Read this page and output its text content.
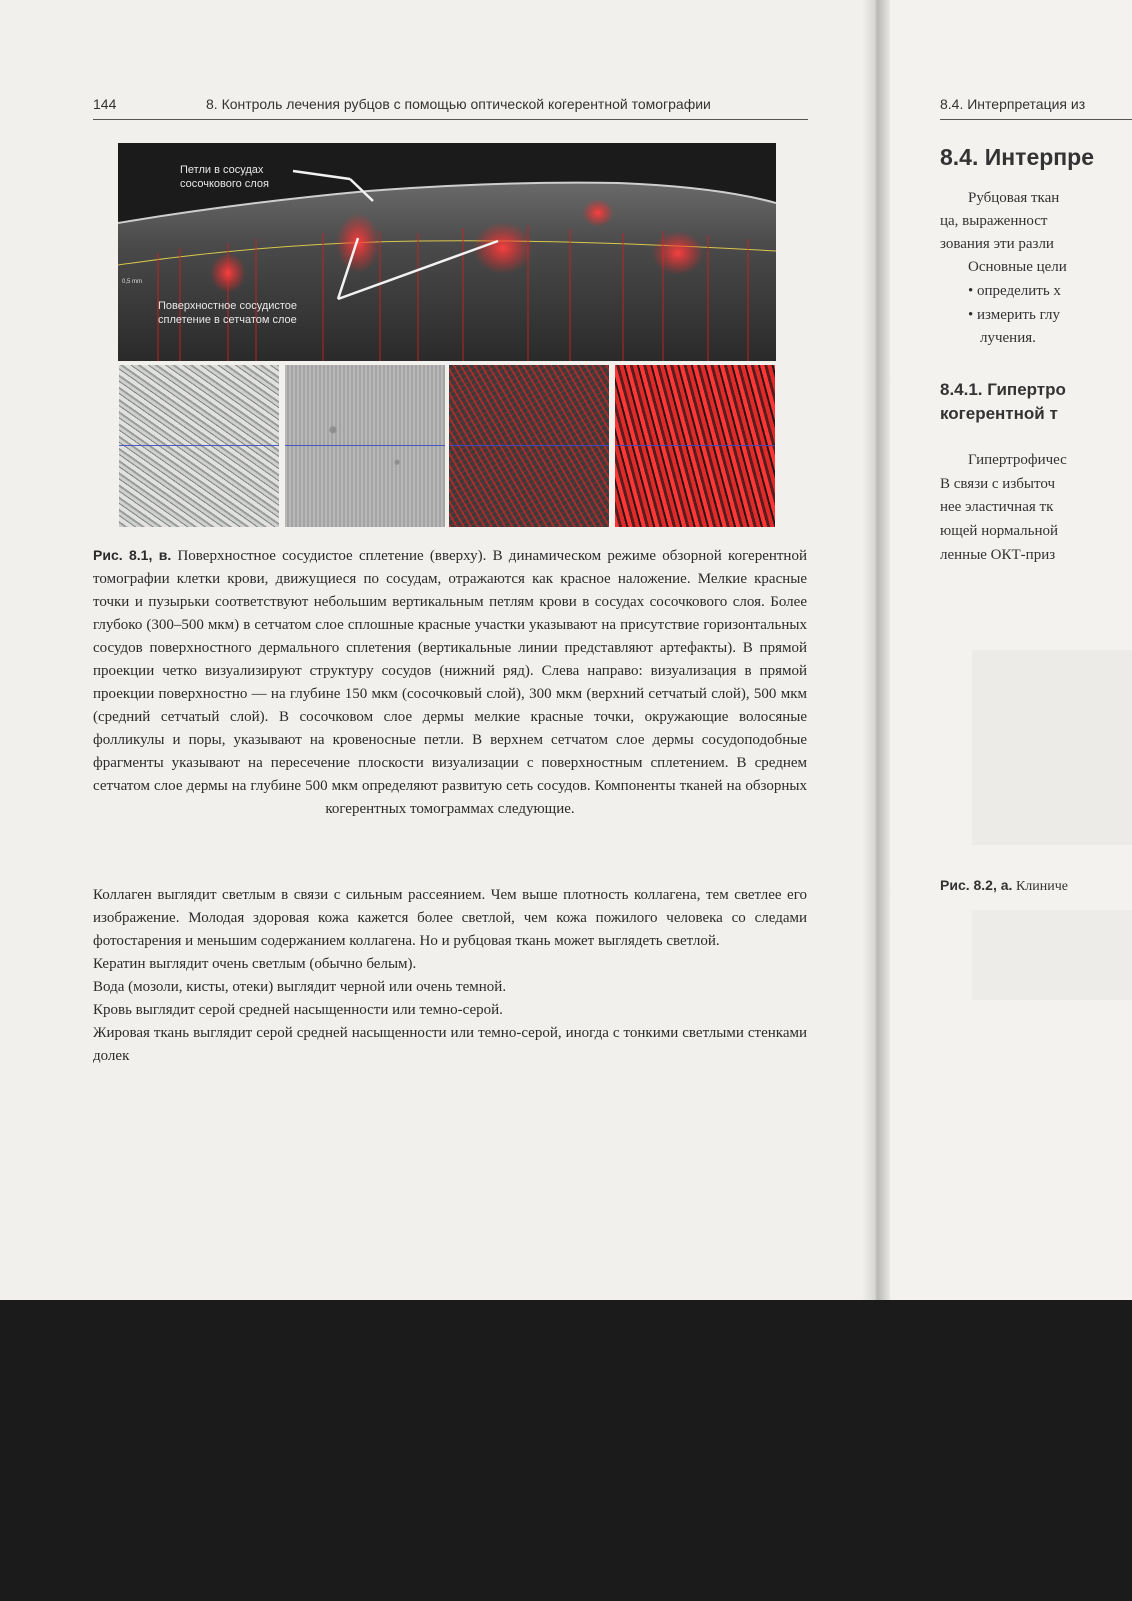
144	8. Контроль лечения рубцов с помощью оптической когерентной томографии
Петли в сосудах
сосочкового слоя
Поверхностное сосудистое
сплетение в сетчатом слое
0,5 mm
Рис. 8.1, в. Поверхностное сосудистое сплетение (вверху). В динамическом режиме обзорной когерентной томографии клетки крови, движущиеся по сосудам, отражаются как красное наложение. Мелкие красные точки и пузырьки соответствуют небольшим вертикальным петлям крови в сосудах сосочкового слоя. Более глубоко (300–500 мкм) в сетчатом слое сплошные красные участки указывают на присутствие горизонтальных сосудов поверхностного дермального сплетения (вертикальные линии представляют артефакты). В прямой проекции четко визуализируют структуру сосудов (нижний ряд). Слева направо: визуализация в прямой проекции поверхностно — на глубине 150 мкм (сосочковый слой), 300 мкм (верхний сетчатый слой), 500 мкм (средний сетчатый слой). В сосочковом слое дермы мелкие красные точки, окружающие волосяные фолликулы и поры, указывают на кровеносные петли. В верхнем сетчатом слое дермы сосудоподобные фрагменты указывают на пересечение плоскости визуализации с поверхностным сплетением. В среднем сетчатом слое дермы на глубине 500 мкм определяют развитую сеть сосудов. Компоненты тканей на обзорных когерентных томограммах следующие.

Коллаген выглядит светлым в связи с сильным рассеянием. Чем выше плотность коллагена, тем светлее его изображение. Молодая здоровая кожа кажется более светлой, чем кожа пожилого человека со следами фотостарения и меньшим содержанием коллагена. Но и рубцовая ткань может выглядеть светлой.

Кератин выглядит очень светлым (обычно белым).

Вода (мозоли, кисты, отеки) выглядит черной или очень темной.

Кровь выглядит серой средней насыщенности или темно-серой.

Жировая ткань выглядит серой средней насыщенности или темно-серой, иногда с тонкими светлыми стенками долек

8.4. Интерпретация из
8.4. Интерпре
Рубцовая ткан
ца, выраженност
зования эти разли
Основные цели
• определить х
• измерить глу
лучения.
8.4.1. Гипертро
когерентной т
Гипертрофичес
В связи с избыточ
нее эластичная тк
ющей нормальной
ленные ОКТ-приз
Рис. 8.2, а. Клиниче
